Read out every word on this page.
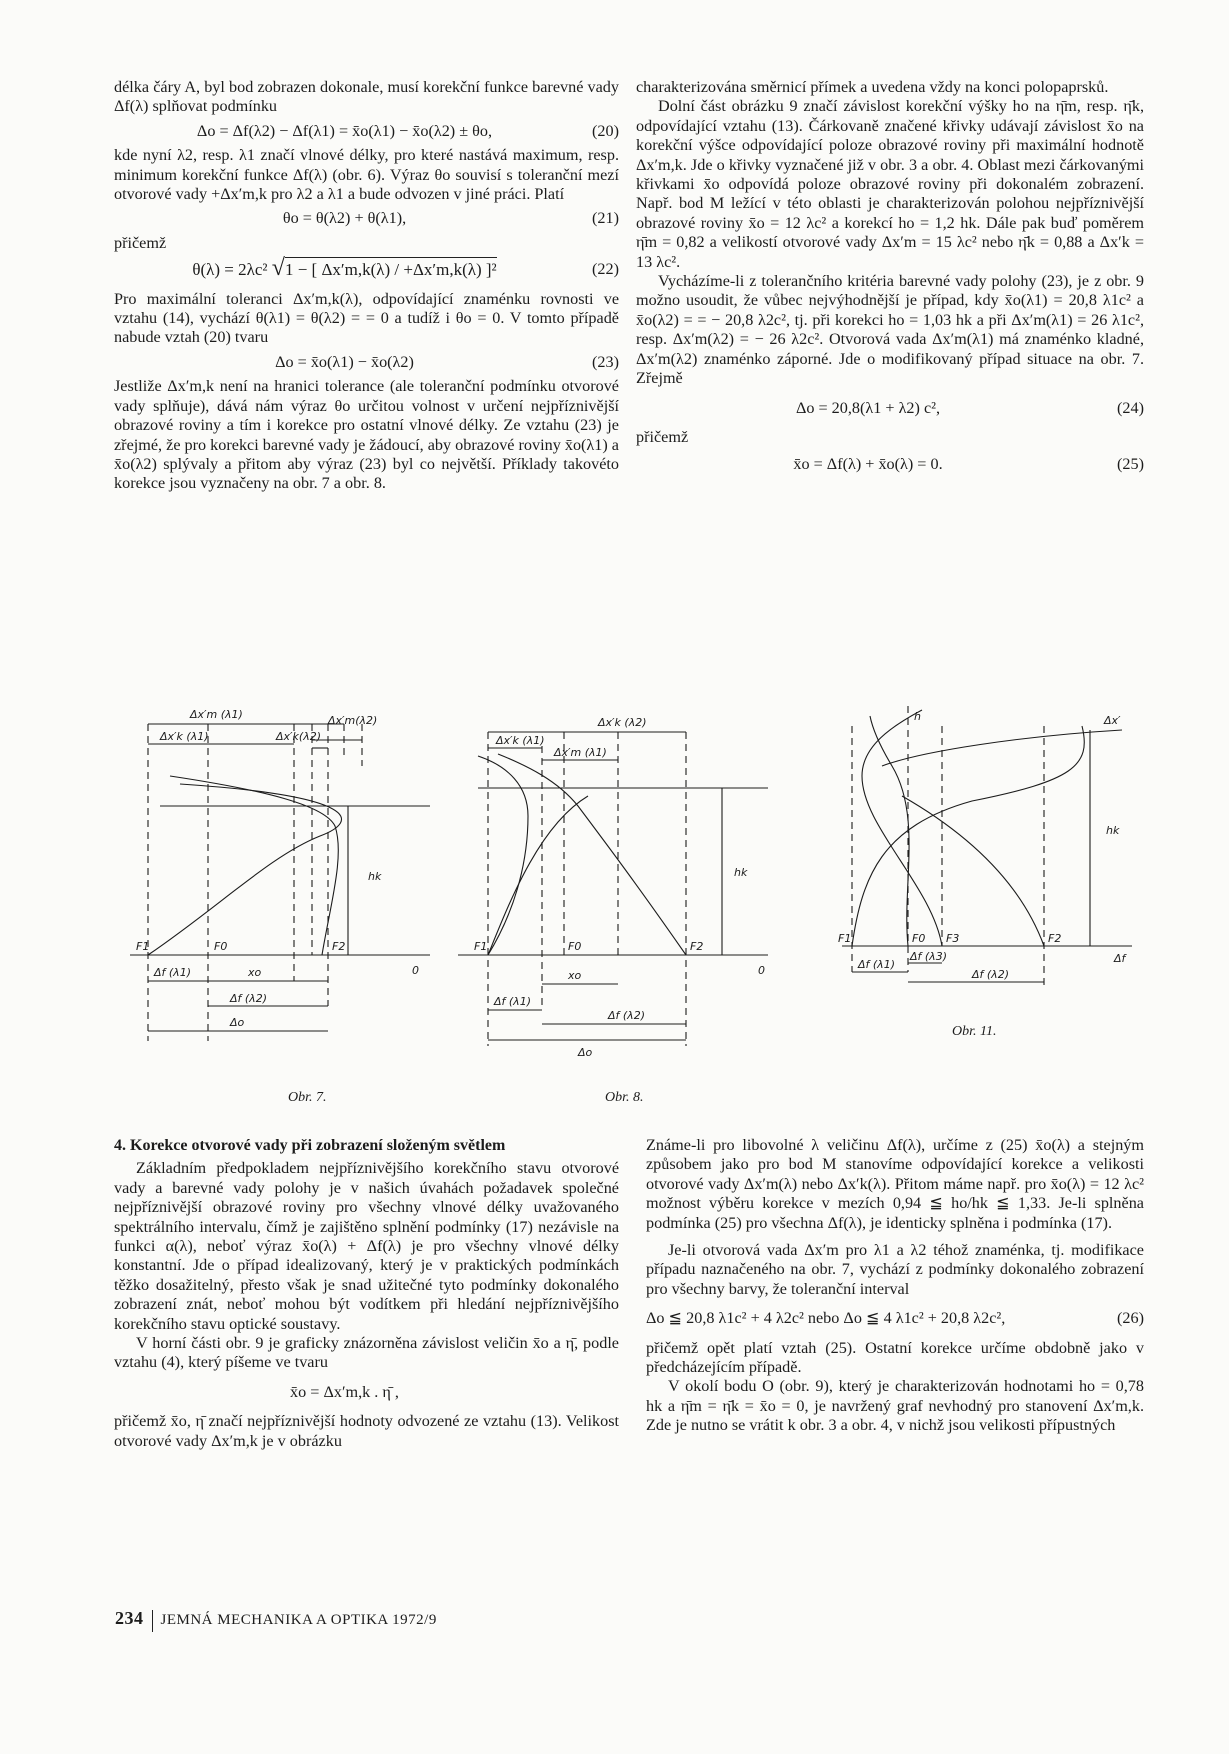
délka čáry A, byl bod zobrazen dokonale, musí korekční funkce barevné vady Δf(λ) splňovat podmínku

Δo = Δf(λ2) − Δf(λ1) = x̄o(λ1) − x̄o(λ2) ± θo,	(20)

kde nyní λ2, resp. λ1 značí vlnové délky, pro které nastává maximum, resp. minimum korekční funkce Δf(λ) (obr. 6). Výraz θo souvisí s toleranční mezí otvorové vady +Δx′m,k pro λ2 a λ1 a bude odvozen v jiné práci. Platí

θo = θ(λ2) + θ(λ1),	(21)

přičemž

θ(λ) = 2λc² √1 − [ Δx′m,k(λ) / +Δx′m,k(λ) ]²	(22)

Pro maximální toleranci Δx′m,k(λ), odpovídající znaménku rovnosti ve vztahu (14), vychází θ(λ1) = θ(λ2) = = 0 a tudíž i θo = 0. V tomto případě nabude vztah (20) tvaru

Δo = x̄o(λ1) − x̄o(λ2)	(23)

Jestliže Δx′m,k není na hranici tolerance (ale toleranční podmínku otvorové vady splňuje), dává nám výraz θo určitou volnost v určení nejpříznivější obrazové roviny a tím i korekce pro ostatní vlnové délky. Ze vztahu (23) je zřejmé, že pro korekci barevné vady je žádoucí, aby obrazové roviny x̄o(λ1) a x̄o(λ2) splývaly a přitom aby výraz (23) byl co největší. Příklady takovéto korekce jsou vyznačeny na obr. 7 a obr. 8.

charakterizována směrnicí přímek a uvedena vždy na konci polopaprsků.

Dolní část obrázku 9 značí závislost korekční výšky ho na η̄m, resp. η̄k, odpovídající vztahu (13). Čárkovaně značené křivky udávají závislost x̄o na korekční výšce odpovídající poloze obrazové roviny při maximální hodnotě Δx′m,k. Jde o křivky vyznačené již v obr. 3 a obr. 4. Oblast mezi čárkovanými křivkami x̄o odpovídá poloze obrazové roviny při dokonalém zobrazení. Např. bod M ležící v této oblasti je charakterizován polohou nejpříznivější obrazové roviny x̄o = 12 λc² a korekcí ho = 1,2 hk. Dále pak buď poměrem η̄m = 0,82 a velikostí otvorové vady Δx′m = 15 λc² nebo η̄k = 0,88 a Δx′k = 13 λc².

Vycházíme-li z tolerančního kritéria barevné vady polohy (23), je z obr. 9 možno usoudit, že vůbec nejvýhodnější je případ, kdy x̄o(λ1) = 20,8 λ1c² a x̄o(λ2) = = − 20,8 λ2c², tj. při korekci ho = 1,03 hk a při Δx′m(λ1) = 26 λ1c², resp. Δx′m(λ2) = − 26 λ2c². Otvorová vada Δx′m(λ1) má znaménko kladné, Δx′m(λ2) znaménko záporné. Jde o modifikovaný případ situace na obr. 7. Zřejmě

Δo = 20,8(λ1 + λ2) c²,	(24)

přičemž

x̄o = Δf(λ) + x̄o(λ) = 0.	(25)
Δx′m (λ1)	Δx′m(λ2)
Δx′k (λ1)	Δx′k(λ2)
hk
F1	F0	F2
0
Δf (λ1)	xo
Δf (λ2)
Δo
Obr. 7.
Δx′k (λ2)
Δx′k (λ1)
Δx′m (λ1)
hk
F1	F0	F2
0
xo
Δf (λ1)
Δf (λ2)
Δo
Obr. 8.
h	Δx′
hk
F1	F0 F3	F2
Δf (λ1)
Δf (λ3)	Δf
Δf (λ2)
Obr. 11.
4. Korekce otvorové vady při zobrazení složeným světlem

Základním předpokladem nejpříznivějšího korekčního stavu otvorové vady a barevné vady polohy je v našich úvahách požadavek společné nejpříznivější obrazové roviny pro všechny vlnové délky uvažovaného spektrálního intervalu, čímž je zajištěno splnění podmínky (17) nezávisle na funkci α(λ), neboť výraz x̄o(λ) + Δf(λ) je pro všechny vlnové délky konstantní. Jde o případ idealizovaný, který je v praktických podmínkách těžko dosažitelný, přesto však je snad užitečné tyto podmínky dokonalého zobrazení znát, neboť mohou být vodítkem při hledání nejpříznivějšího korekčního stavu optické soustavy.

V horní části obr. 9 je graficky znázorněna závislost veličin x̄o a η̄, podle vztahu (4), který píšeme ve tvaru

x̄o = Δx′m,k . η̄ ,

přičemž x̄o, η̄ značí nejpříznivější hodnoty odvozené ze vztahu (13). Velikost otvorové vady Δx′m,k je v obrázku

Známe-li pro libovolné λ veličinu Δf(λ), určíme z (25) x̄o(λ) a stejným způsobem jako pro bod M stanovíme odpovídající korekce a velikosti otvorové vady Δx′m(λ) nebo Δx′k(λ). Přitom máme např. pro x̄o(λ) = 12 λc² možnost výběru korekce v mezích 0,94 ≦ ho/hk ≦ 1,33. Je-li splněna podmínka (25) pro všechna Δf(λ), je identicky splněna i podmínka (17).

Je-li otvorová vada Δx′m pro λ1 a λ2 téhož znaménka, tj. modifikace případu naznačeného na obr. 7, vychází z podmínky dokonalého zobrazení pro všechny barvy, že toleranční interval

Δo ≦ 20,8 λ1c² + 4 λ2c² nebo Δo ≦ 4 λ1c² + 20,8 λ2c²,	(26)

přičemž opět platí vztah (25). Ostatní korekce určíme obdobně jako v předcházejícím případě.

V okolí bodu O (obr. 9), který je charakterizován hodnotami ho = 0,78 hk a η̄m = η̄k = x̄o = 0, je navržený graf nevhodný pro stanovení Δx′m,k. Zde je nutno se vrátit k obr. 3 a obr. 4, v nichž jsou velikosti přípustných

234 JEMNÁ MECHANIKA A OPTIKA 1972/9
